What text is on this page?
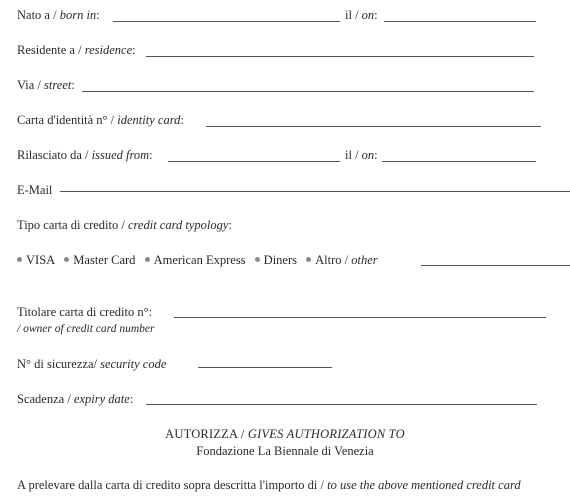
Nato a / born in:	il / on:
Residente a / residence:
Via / street:
Carta d'identità n° / identity card:
Rilasciato da / issued from:	il / on:
E-Mail
Tipo carta di credito / credit card typology:
VISA Master Card American Express Diners Altro / other
Titolare carta di credito n°:
/ owner of credit card number
N° di sicurezza/ security code
Scadenza / expiry date:
AUTORIZZA / GIVES AUTHORIZATION TO
Fondazione La Biennale di Venezia
A prelevare dalla carta di credito sopra descritta l'importo di / to use the above mentioned credit card
